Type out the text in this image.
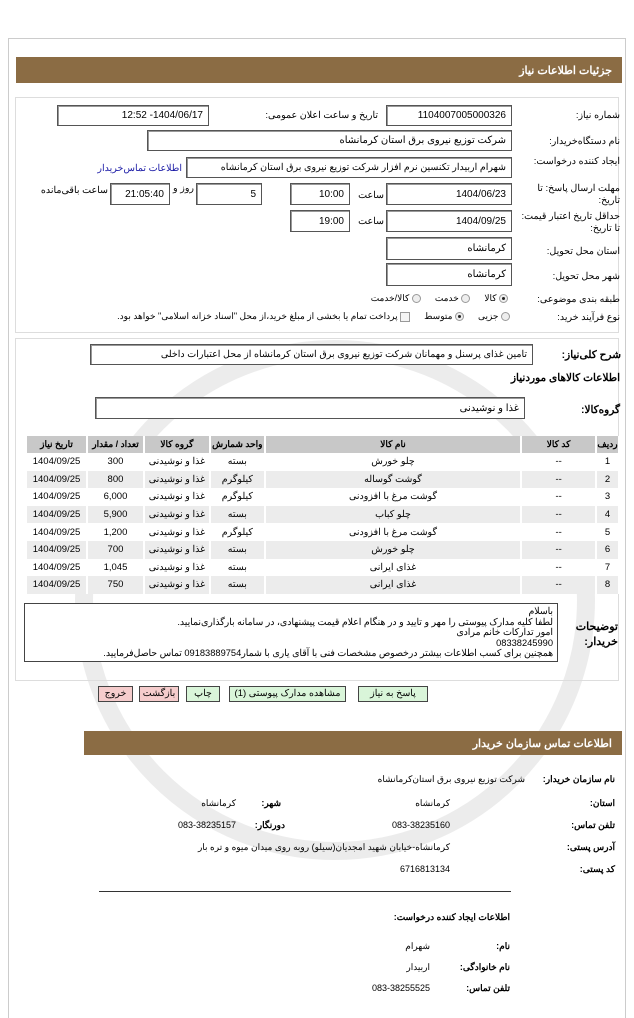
جزئیات اطلاعات نیاز
شماره نیاز:
1104007005000326
تاریخ و ساعت اعلان عمومی:
1404/06/17- 12:52
نام دستگاه‌خریدار:
شرکت توزیع نیروی برق استان کرمانشاه
ایجاد کننده درخواست:
شهرام اربیدار تکنسین نرم افزار شرکت توزیع نیروی برق استان کرمانشاه
اطلاعات تماس‌خریدار
مهلت ارسال پاسخ: تا تاریخ:
1404/06/23
ساعت
10:00
5
روز و
21:05:40
ساعت باقی‌مانده
حداقل تاریخ اعتبار قیمت: تا تاریخ:
1404/09/25
ساعت
19:00
استان محل تحویل:
کرمانشاه
شهر محل تحویل:
کرمانشاه
طبقه بندی موضوعی:
کالا
خدمت
کالا/خدمت
نوع فرآیند خرید:
جزیی
متوسط
پرداخت تمام یا بخشی از مبلغ خرید،از محل "اسناد خزانه اسلامی" خواهد بود.
شرح کلی‌نیاز:
تامین غذای پرسنل و مهمانان شرکت توزیع نیروی برق استان کرمانشاه از محل اعتبارات داخلی
اطلاعات کالاهای موردنیاز
گروه‌کالا:
غذا و نوشیدنی
ردیف	کد کالا	نام کالا	واحد شمارش	گروه کالا	تعداد / مقدار	تاریخ نیاز
1	--	چلو خورش	بسته	غذا و نوشیدنی	300	1404/09/25
2	--	گوشت گوساله	کیلوگرم	غذا و نوشیدنی	800	1404/09/25
3	--	گوشت مرغ با افزودنی	کیلوگرم	غذا و نوشیدنی	6,000	1404/09/25
4	--	چلو کباب	بسته	غذا و نوشیدنی	5,900	1404/09/25
5	--	گوشت مرغ با افزودنی	کیلوگرم	غذا و نوشیدنی	1,200	1404/09/25
6	--	چلو خورش	بسته	غذا و نوشیدنی	700	1404/09/25
7	--	غذای ایرانی	بسته	غذا و نوشیدنی	1,045	1404/09/25
8	--	غذای ایرانی	بسته	غذا و نوشیدنی	750	1404/09/25
توضیحات خریدار:
باسلام
لطفا کلیه مدارک پیوستی را مهر و تایید و در هنگام اعلام قیمت پیشنهادی، در سامانه بارگذاری‌نمایید.
امور تدارکات خانم مرادی
08338245990
همچنین برای کسب اطلاعات بیشتر درخصوص مشخصات فنی با آقای یاری با شمار09183889754 تماس حاصل‌فرمایید.
پاسخ به نیاز
مشاهده مدارک پیوستی (1)
چاپ
بازگشت
خروج
اطلاعات تماس سازمان خریدار
نام سازمان خریدار:
شرکت توزیع نیروی برق استان‌کرمانشاه
استان:
کرمانشاه
شهر:
کرمانشاه
تلفن تماس:
083-38235160
دورنگار:
083-38235157
آدرس پستی:
کرمانشاه-خیابان شهید امجدیان(سیلو) روبه روی میدان میوه و تره بار
کد پستی:
6716813134
اطلاعات ایجاد کننده درخواست:
نام:
شهرام
نام خانوادگی:
اربیدار
تلفن تماس:
083-38255525
